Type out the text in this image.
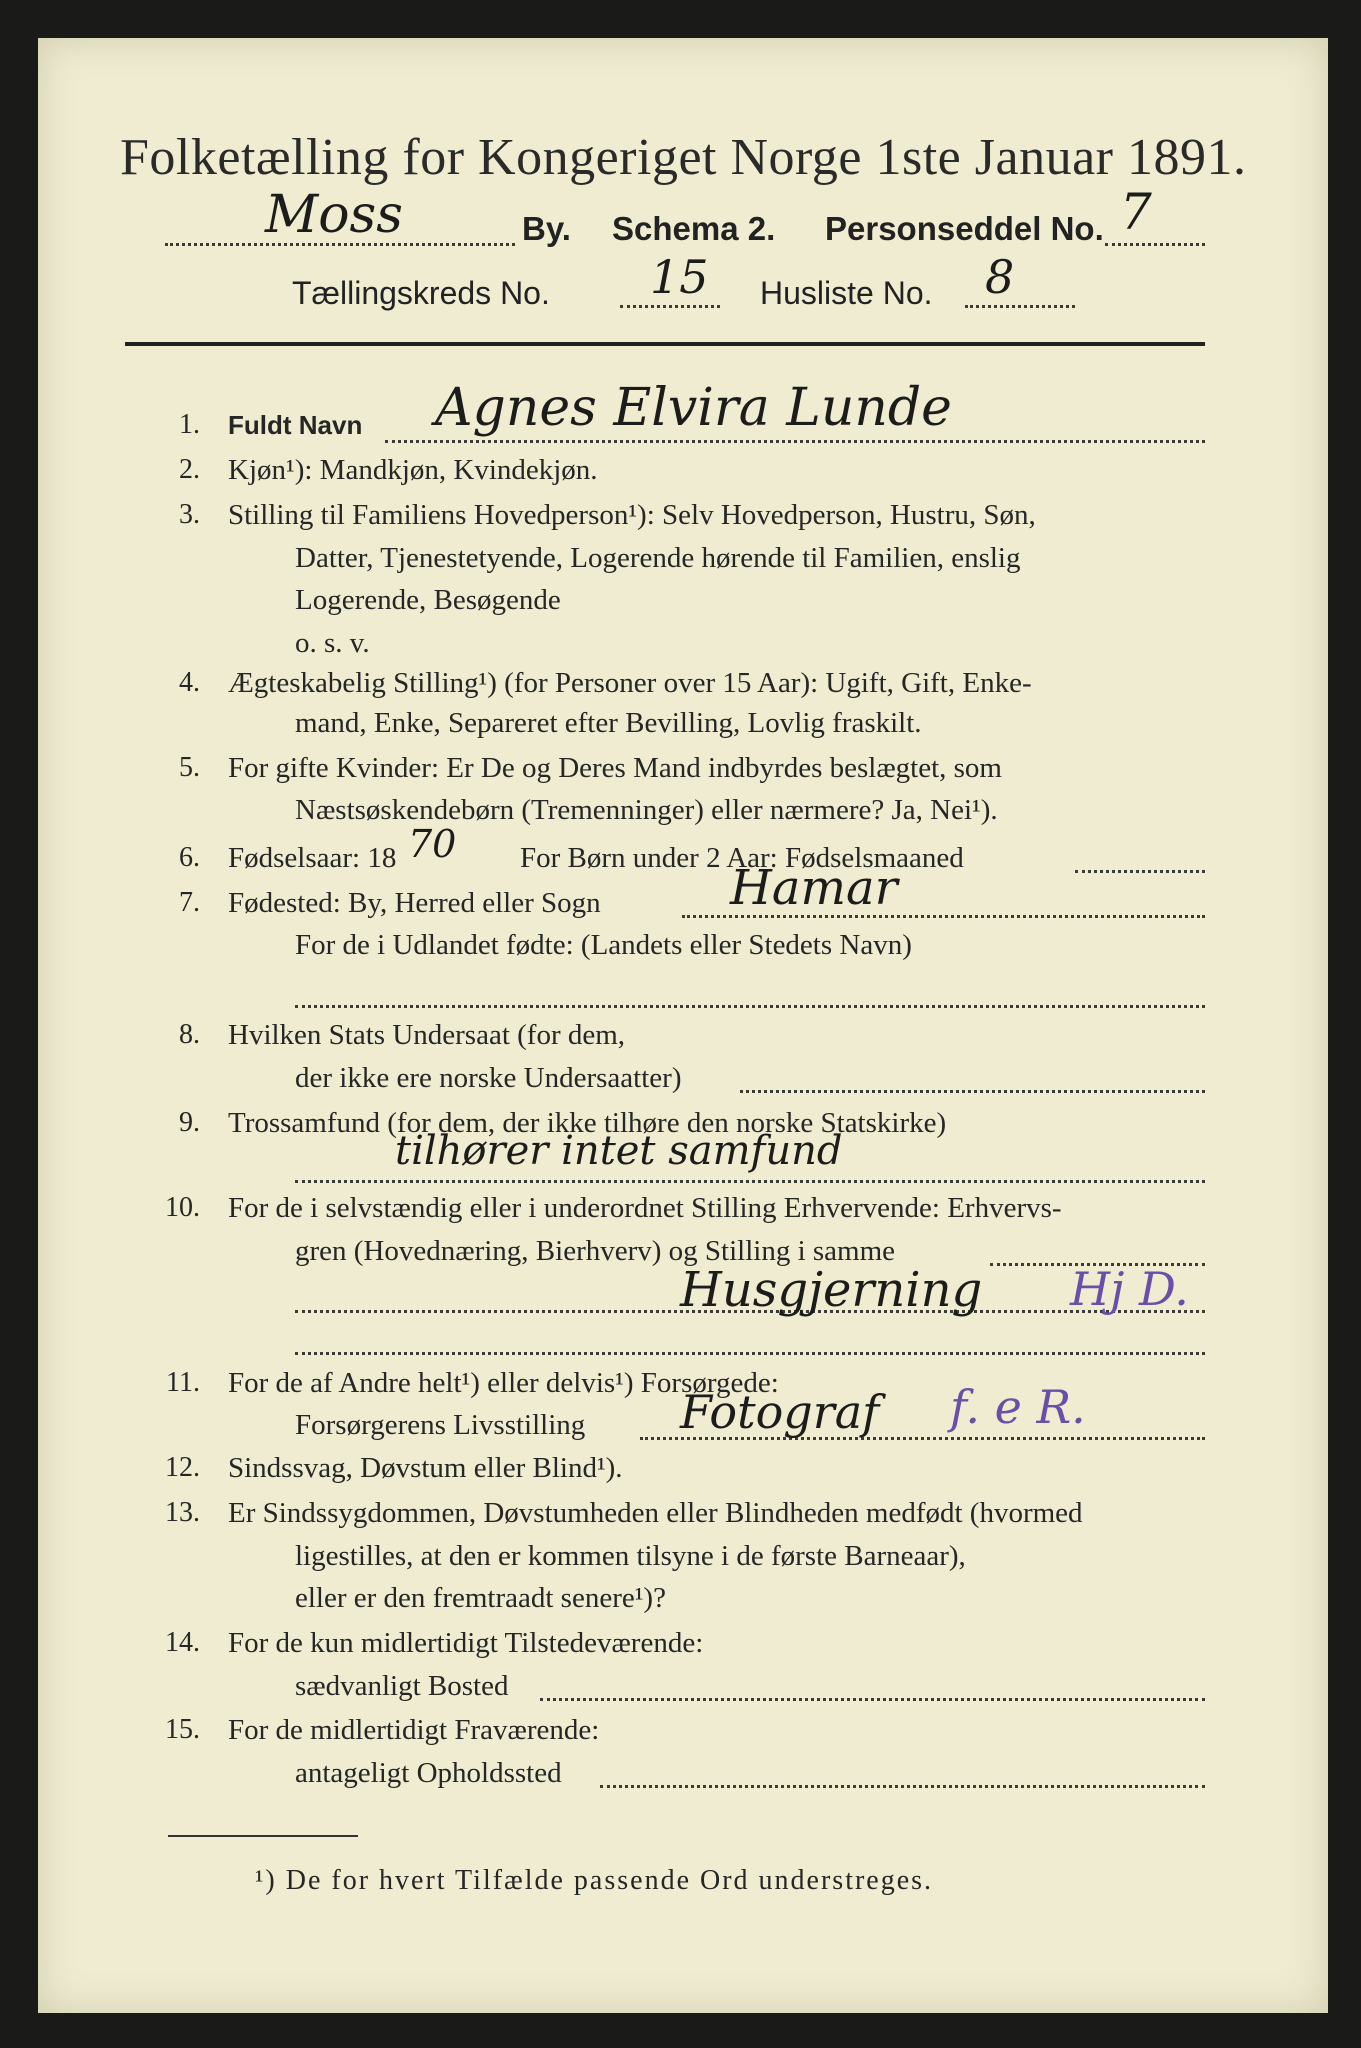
Folketælling for Kongeriget Norge 1ste Januar 1891.
Moss	By. Schema 2. Personseddel No. 7
Tællingskreds No. 15 Husliste No. 8
1. Fuldt Navn Agnes Elvira Lunde
2. Kjøn¹): Mandkjøn, Kvindekjøn.
3. Stilling til Familiens Hovedperson¹): Selv Hovedperson, Hustru, Søn,
Datter, Tjenestetyende, Logerende hørende til Familien, enslig
Logerende, Besøgende
o. s. v.
4. Ægteskabelig Stilling¹) (for Personer over 15 Aar): Ugift, Gift, Enke-
mand, Enke, Separeret efter Bevilling, Lovlig fraskilt.
5. For gifte Kvinder: Er De og Deres Mand indbyrdes beslægtet, som
Næstsøskendebørn (Tremenninger) eller nærmere? Ja, Nei¹).
6. Fødselsaar: 18	For Børn under 2 Aar: Fødselsmaaned
70
7. Fødested: By, Herred eller Sogn	Hamar
For de i Udlandet fødte: (Landets eller Stedets Navn)
8. Hvilken Stats Undersaat (for dem,
der ikke ere norske Undersaatter)
9. Trossamfund (for dem, der ikke tilhøre den norske Statskirke)
tilhører intet samfund
10. For de i selvstændig eller i underordnet Stilling Erhvervende: Erhvervs-
gren (Hovednæring, Bierhverv) og Stilling i samme
Husgjerning Hj D.
11. For de af Andre helt¹) eller delvis¹) Forsørgede:
Forsørgerens Livsstilling Fotograf f. e R.
12. Sindssvag, Døvstum eller Blind¹).
13. Er Sindssygdommen, Døvstumheden eller Blindheden medfødt (hvormed
ligestilles, at den er kommen tilsyne i de første Barneaar),
eller er den fremtraadt senere¹)?
14. For de kun midlertidigt Tilstedeværende:
sædvanligt Bosted
15. For de midlertidigt Fraværende:
antageligt Opholdssted
¹) De for hvert Tilfælde passende Ord understreges.
